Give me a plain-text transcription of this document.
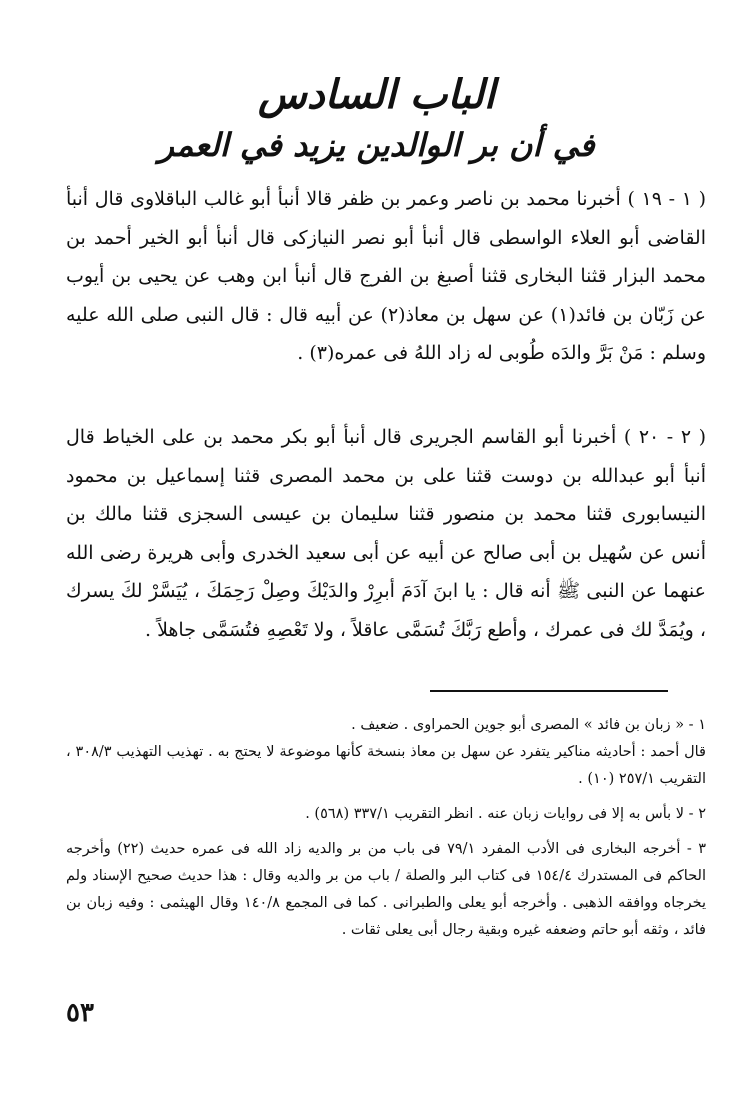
الباب السادس
في أن بر الوالدين يزيد في العمر

( ١ - ١٩ ) أخبرنا محمد بن ناصر وعمر بن ظفر قالا أنبأ أبو غالب الباقلاوى قال أنبأ القاضى أبو العلاء الواسطى قال أنبأ أبو نصر النيازكى قال أنبأ أبو الخير أحمد بن محمد البزار قثنا البخارى قثنا أصبغ بن الفرج قال أنبأ ابن وهب عن يحيى بن أيوب عن زَبّان بن فائد(١) عن سهل بن معاذ(٢) عن أبيه قال : قال النبى صلى الله عليه وسلم : مَنْ بَرَّ والدَه طُوبى له زاد اللهُ فى عمره(٣) .

( ٢ - ٢٠ ) أخبرنا أبو القاسم الجريرى قال أنبأ أبو بكر محمد بن على الخياط قال أنبأ أبو عبدالله بن دوست قثنا على بن محمد المصرى قثنا إسماعيل بن محمود النيسابورى قثنا محمد بن منصور قثنا سليمان بن عيسى السجزى قثنا مالك بن أنس عن سُهيل بن أبى صالح عن أبيه عن أبى سعيد الخدرى وأبى هريرة رضى الله عنهما عن النبى ﷺ أنه قال : يا ابنَ آدَمَ أبرِرْ والدَيْكَ وصِلْ رَحِمَكَ ، يُيَسَّرْ لكَ يسرك ، ويُمَدَّ لك فى عمرك ، وأطع رَبَّكَ تُسَمَّى عاقلاً ، ولا تَعْصِهِ فتُسَمَّى جاهلاً .

١ - « زبان بن فائد » المصرى أبو جوين الحمراوى . ضعيف .
قال أحمد : أحاديثه مناكير يتفرد عن سهل بن معاذ بنسخة كأنها موضوعة لا يحتج به . تهذيب التهذيب ٣٠٨/٣ ، التقريب ٢٥٧/١ (١٠) .

٢ - لا بأس به إلا فى روايات زبان عنه . انظر التقريب ٣٣٧/١ (٥٦٨) .

٣ - أخرجه البخارى فى الأدب المفرد ٧٩/١ فى باب من بر والديه زاد الله فى عمره حديث (٢٢) وأخرجه الحاكم فى المستدرك ١٥٤/٤ فى كتاب البر والصلة / باب من بر والديه وقال : هذا حديث صحيح الإسناد ولم يخرجاه ووافقه الذهبى . وأخرجه أبو يعلى والطبرانى . كما فى المجمع ١٤٠/٨ وقال الهيثمى : وفيه زبان بن فائد ، وثقه أبو حاتم وضعفه غيره وبقية رجال أبى يعلى ثقات .

٥٣
